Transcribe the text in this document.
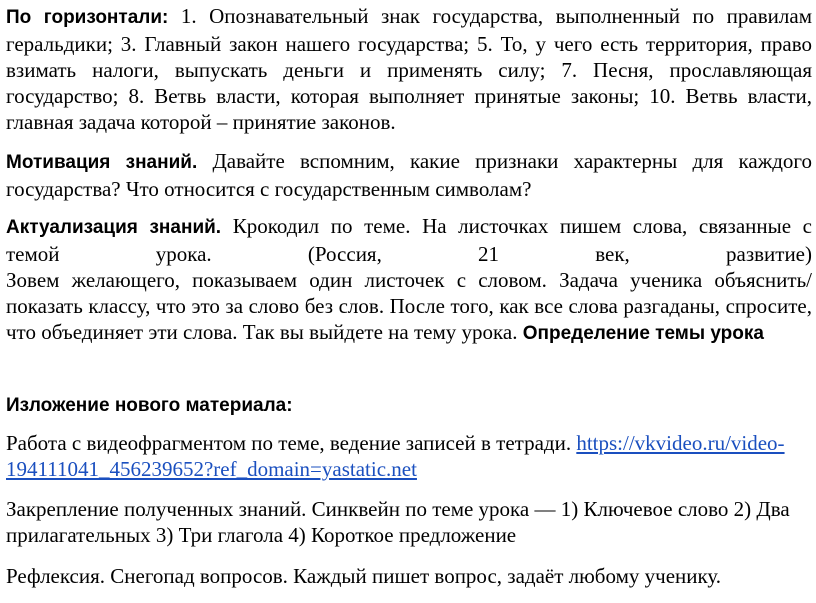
По горизонтали: 1. Опознавательный знак государства, выполненный по правилам геральдики; 3. Главный закон нашего государства; 5. То, у чего есть территория, право взимать налоги, выпускать деньги и применять силу; 7. Песня, прославляющая государство; 8. Ветвь власти, которая выполняет принятые законы; 10. Ветвь власти, главная задача которой – принятие законов.

Мотивация знаний. Давайте вспомним, какие признаки характерны для каждого государства? Что относится с государственным символам?

Актуализация знаний. Крокодил по теме. На листочках пишем слова, связанные с
темой урока. (Россия, 21 век, развитие)
Зовем желающего, показываем один листочек с словом. Задача ученика объяснить/показать классу, что это за слово без слов. После того, как все слова разгаданы, спросите, что объединяет эти слова. Так вы выйдете на тему урока. Определение темы урока

Изложение нового материала:

Работа с видеофрагментом по теме, ведение записей в тетради. https://vkvideo.ru/video-194111041_456239652?ref_domain=yastatic.net

Закрепление полученных знаний. Синквейн по теме урока — 1) Ключевое слово 2) Два прилагательных 3) Три глагола 4) Короткое предложение

Рефлексия. Снегопад вопросов. Каждый пишет вопрос, задаёт любому ученику.
